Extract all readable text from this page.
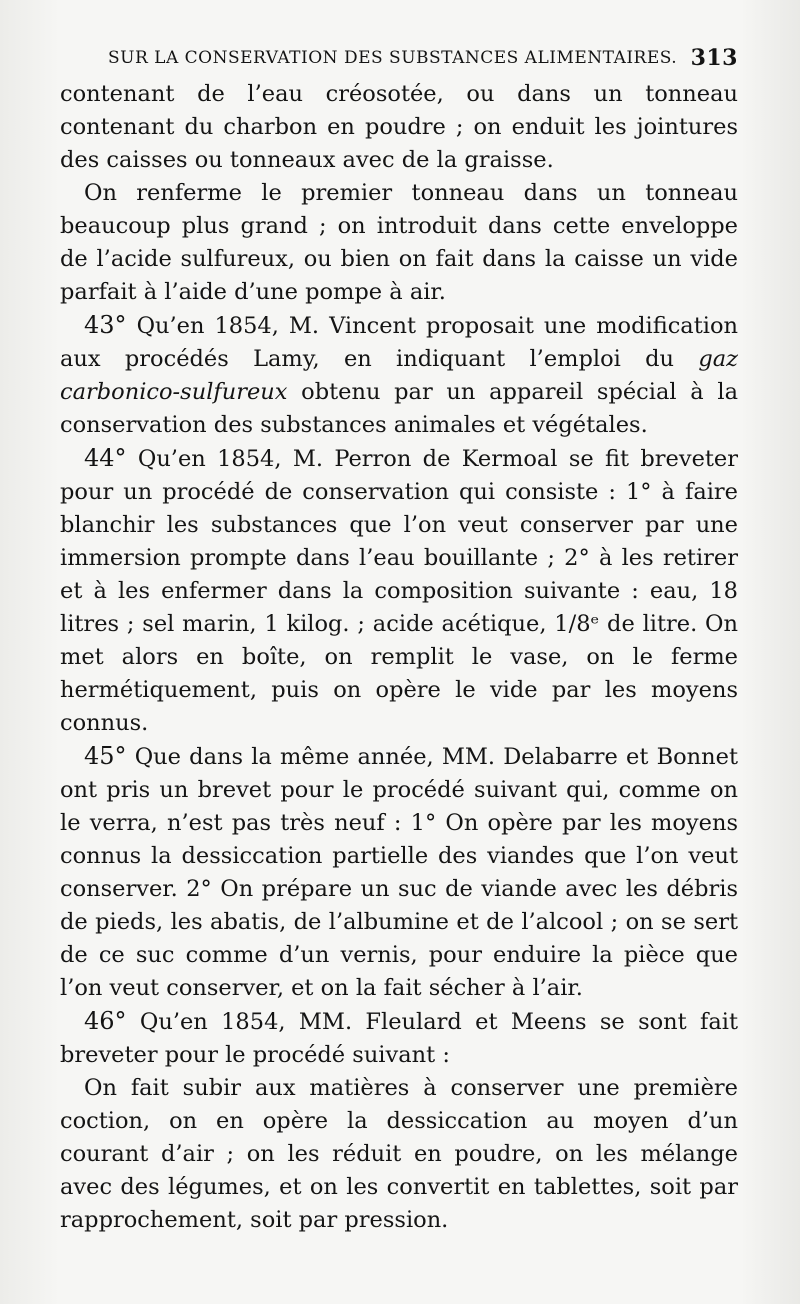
SUR LA CONSERVATION DES SUBSTANCES ALIMENTAIRES. 313

contenant de l’eau créosotée, ou dans un tonneau contenant du charbon en poudre ; on enduit les jointures des caisses ou tonneaux avec de la graisse.

On renferme le premier tonneau dans un tonneau beaucoup plus grand ; on introduit dans cette enveloppe de l’acide sulfureux, ou bien on fait dans la caisse un vide parfait à l’aide d’une pompe à air.

43° Qu’en 1854, M. Vincent proposait une modification aux procédés Lamy, en indiquant l’emploi du gaz carbonico-sulfureux obtenu par un appareil spécial à la conservation des substances animales et végétales.

44° Qu’en 1854, M. Perron de Kermoal se fit breveter pour un procédé de conservation qui consiste : 1° à faire blanchir les substances que l’on veut conserver par une immersion prompte dans l’eau bouillante ; 2° à les retirer et à les enfermer dans la composition suivante : eau, 18 litres ; sel marin, 1 kilog. ; acide acétique, 1/8ᵉ de litre. On met alors en boîte, on remplit le vase, on le ferme hermétiquement, puis on opère le vide par les moyens connus.

45° Que dans la même année, MM. Delabarre et Bonnet ont pris un brevet pour le procédé suivant qui, comme on le verra, n’est pas très neuf : 1° On opère par les moyens connus la dessiccation partielle des viandes que l’on veut conserver. 2° On prépare un suc de viande avec les débris de pieds, les abatis, de l’albumine et de l’alcool ; on se sert de ce suc comme d’un vernis, pour enduire la pièce que l’on veut conserver, et on la fait sécher à l’air.

46° Qu’en 1854, MM. Fleulard et Meens se sont fait breveter pour le procédé suivant :

On fait subir aux matières à conserver une première coction, on en opère la dessiccation au moyen d’un courant d’air ; on les réduit en poudre, on les mélange avec des légumes, et on les convertit en tablettes, soit par rapprochement, soit par pression.
